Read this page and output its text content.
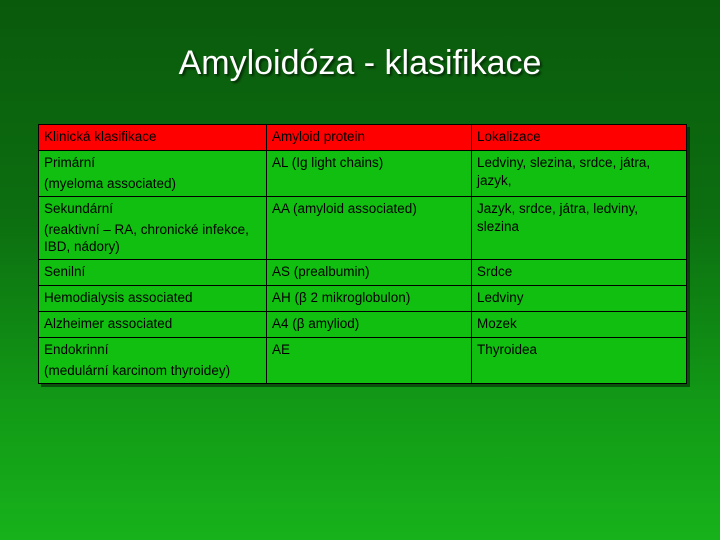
Amyloidóza - klasifikace
Klinická klasifikace	Amyloid protein	Lokalizace

Primární
(myeloma associated)	AL (Ig light chains)	Ledviny, slezina, srdce, játra, jazyk,

Sekundární
(reaktivní – RA, chronické infekce, IBD, nádory)	AA (amyloid associated)	Jazyk, srdce, játra, ledviny, slezina

Senilní	AS (prealbumin)	Srdce

Hemodialysis associated	AH (β 2 mikroglobulon)	Ledviny

Alzheimer associated	A4 (β amyliod)	Mozek

Endokrinní
(medulární karcinom thyroidey)	AE	Thyroidea
